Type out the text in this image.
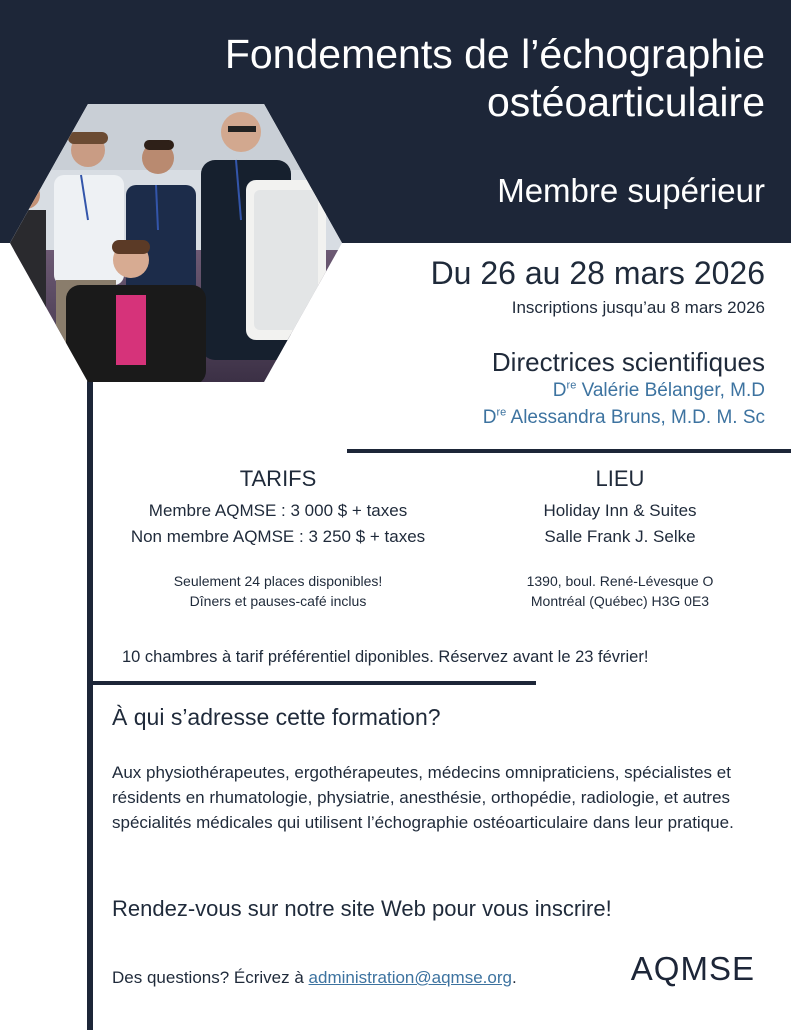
Fondements de l’échographie ostéoarticulaire
Membre supérieur
Du 26 au 28 mars 2026
Inscriptions jusqu’au 8 mars 2026
Directrices scientifiques
Dre Valérie Bélanger, M.D
Dre Alessandra Bruns, M.D. M. Sc
TARIFS
Membre AQMSE : 3 000 $ + taxes
Non membre AQMSE : 3 250 $ + taxes
Seulement 24 places disponibles!
Dîners et pauses-café inclus
LIEU
Holiday Inn & Suites
Salle Frank J. Selke
1390, boul. René-Lévesque O
Montréal (Québec) H3G 0E3
10 chambres à tarif préférentiel diponibles. Réservez avant le 23 février!
À qui s’adresse cette formation?
Aux physiothérapeutes, ergothérapeutes, médecins omnipraticiens, spécialistes et résidents en rhumatologie, physiatrie, anesthésie, orthopédie, radiologie, et autres spécialités médicales qui utilisent l’échographie ostéoarticulaire dans leur pratique.
Rendez-vous sur notre site Web pour vous inscrire!
Des questions? Écrivez à administration@aqmse.org.	AQMSE
